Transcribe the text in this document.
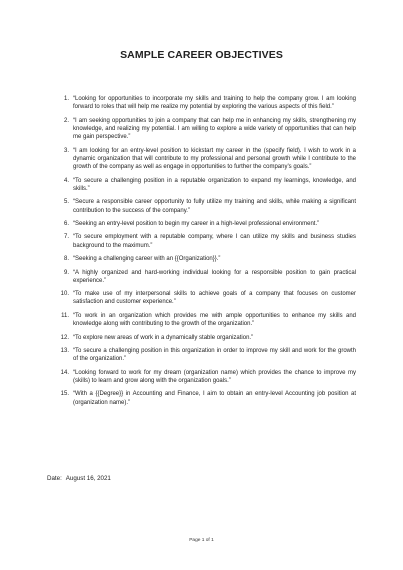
SAMPLE CAREER OBJECTIVES
1. “Looking for opportunities to incorporate my skills and training to help the company grow. I am looking forward to roles that will help me realize my potential by exploring the various aspects of this field.”
2. “I am seeking opportunities to join a company that can help me in enhancing my skills, strengthening my knowledge, and realizing my potential. I am willing to explore a wide variety of opportunities that can help me gain perspective.”
3. “I am looking for an entry-level position to kickstart my career in the (specify field). I wish to work in a dynamic organization that will contribute to my professional and personal growth while I contribute to the growth of the company as well as engage in opportunities to further the company’s goals.”
4. “To secure a challenging position in a reputable organization to expand my learnings, knowledge, and skills.”
5. “Secure a responsible career opportunity to fully utilize my training and skills, while making a significant contribution to the success of the company.”
6. “Seeking an entry-level position to begin my career in a high-level professional environment.”
7. “To secure employment with a reputable company, where I can utilize my skills and business studies background to the maximum.”
8. “Seeking a challenging career with an {{Organization}}.”
9. “A highly organized and hard-working individual looking for a responsible position to gain practical experience.”
10. “To make use of my interpersonal skills to achieve goals of a company that focuses on customer satisfaction and customer experience.”
11. “To work in an organization which provides me with ample opportunities to enhance my skills and knowledge along with contributing to the growth of the organization.”
12. “To explore new areas of work in a dynamically stable organization.”
13. “To secure a challenging position in this organization in order to improve my skill and work for the growth of the organization.”
14. “Looking forward to work for my dream (organization name) which provides the chance to improve my (skills) to learn and grow along with the organization goals.”
15. “With a {{Degree}} in Accounting and Finance, I aim to obtain an entry-level Accounting job position at (organization name).”
Date: August 16, 2021
Page 1 of 1
